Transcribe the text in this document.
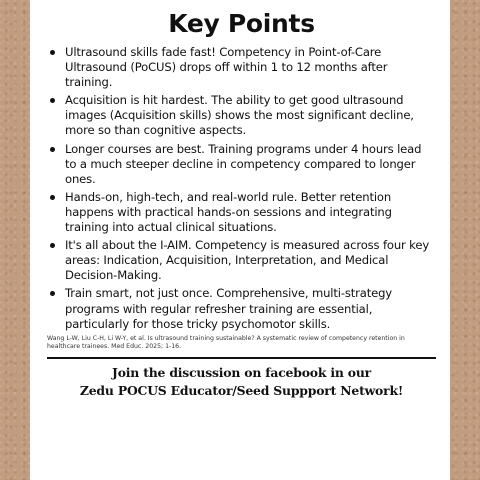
Key Points
Ultrasound skills fade fast! Competency in Point-of-Care Ultrasound (PoCUS) drops off within 1 to 12 months after training.
Acquisition is hit hardest. The ability to get good ultrasound images (Acquisition skills) shows the most significant decline, more so than cognitive aspects.
Longer courses are best. Training programs under 4 hours lead to a much steeper decline in competency compared to longer ones.
Hands-on, high-tech, and real-world rule. Better retention happens with practical hands-on sessions and integrating training into actual clinical situations.
It's all about the I-AIM. Competency is measured across four key areas: Indication, Acquisition, Interpretation, and Medical Decision-Making.
Train smart, not just once. Comprehensive, multi-strategy programs with regular refresher training are essential, particularly for those tricky psychomotor skills.

Wang L-W, Liu C-H, Li W-Y, et al. Is ultrasound training sustainable? A systematic review of competency retention in healthcare trainees. Med Educ. 2025; 1-16.

Join the discussion on facebook in our
Zedu POCUS Educator/Seed Suppport Network!
